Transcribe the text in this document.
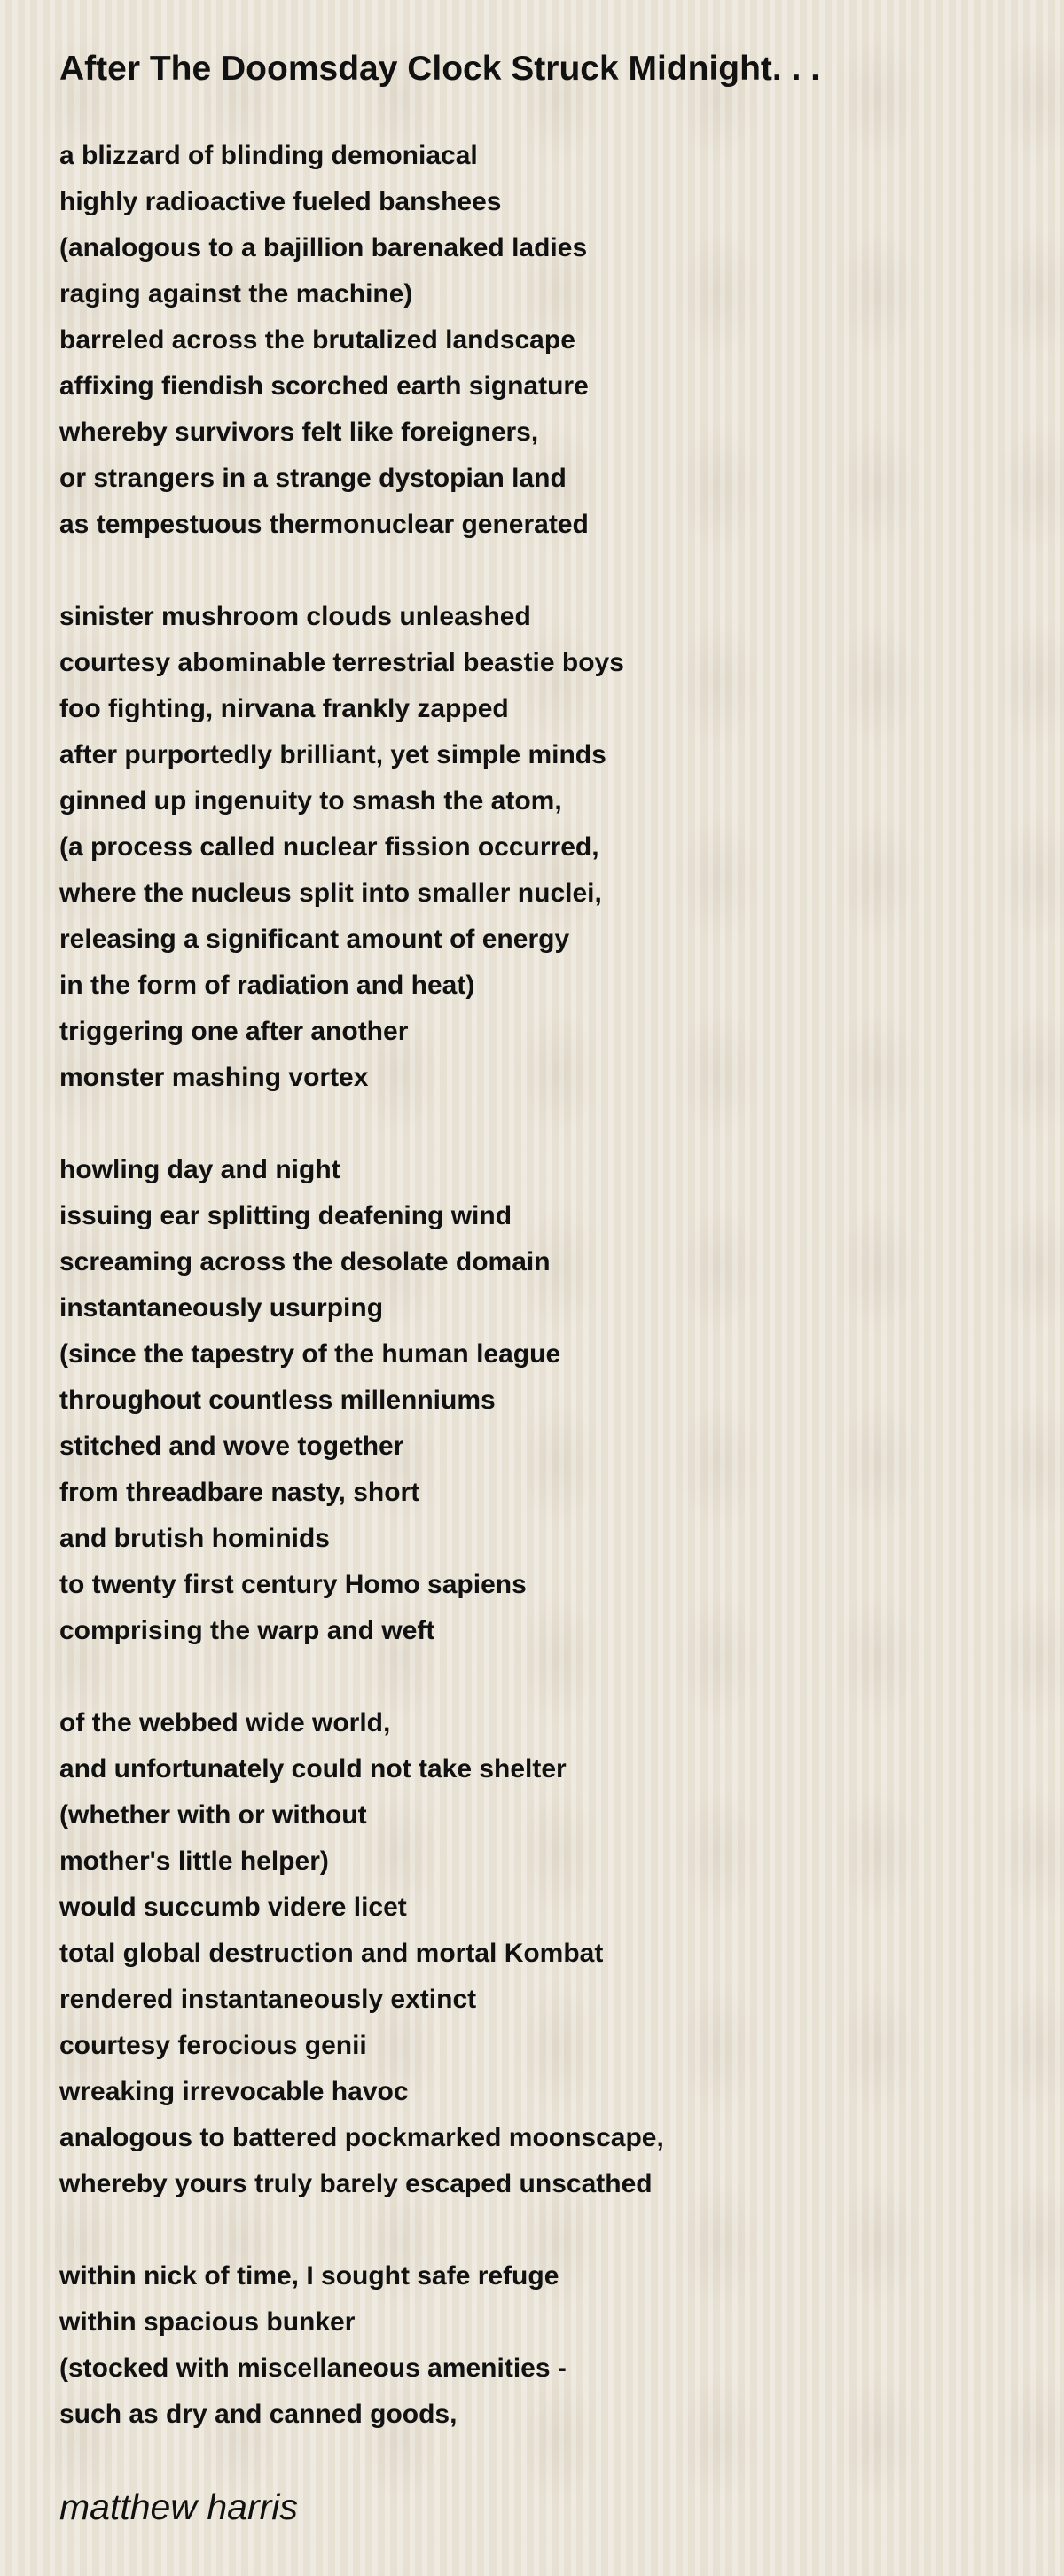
After The Doomsday Clock Struck Midnight. . .
a blizzard of blinding demoniacal
highly radioactive fueled banshees
(analogous to a bajillion barenaked ladies
raging against the machine)
barreled across the brutalized landscape
affixing fiendish scorched earth signature
whereby survivors felt like foreigners,
or strangers in a strange dystopian land
as tempestuous thermonuclear generated
sinister mushroom clouds unleashed
courtesy abominable terrestrial beastie boys
foo fighting, nirvana frankly zapped
after purportedly brilliant, yet simple minds
ginned up ingenuity to smash the atom,
(a process called nuclear fission occurred,
where the nucleus split into smaller nuclei,
releasing a significant amount of energy
in the form of radiation and heat)
triggering one after another
monster mashing vortex
howling day and night
issuing ear splitting deafening wind
screaming across the desolate domain
instantaneously usurping
(since the tapestry of the human league
throughout countless millenniums
stitched and wove together
from threadbare nasty, short
and brutish hominids
to twenty first century Homo sapiens
comprising the warp and weft
of the webbed wide world,
and unfortunately could not take shelter
(whether with or without
mother's little helper)
would succumb videre licet
total global destruction and mortal Kombat
rendered instantaneously extinct
courtesy ferocious genii
wreaking irrevocable havoc
analogous to battered pockmarked moonscape,
whereby yours truly barely escaped unscathed
within nick of time, I sought safe refuge
within spacious bunker
(stocked with miscellaneous amenities -
such as dry and canned goods,
matthew harris
